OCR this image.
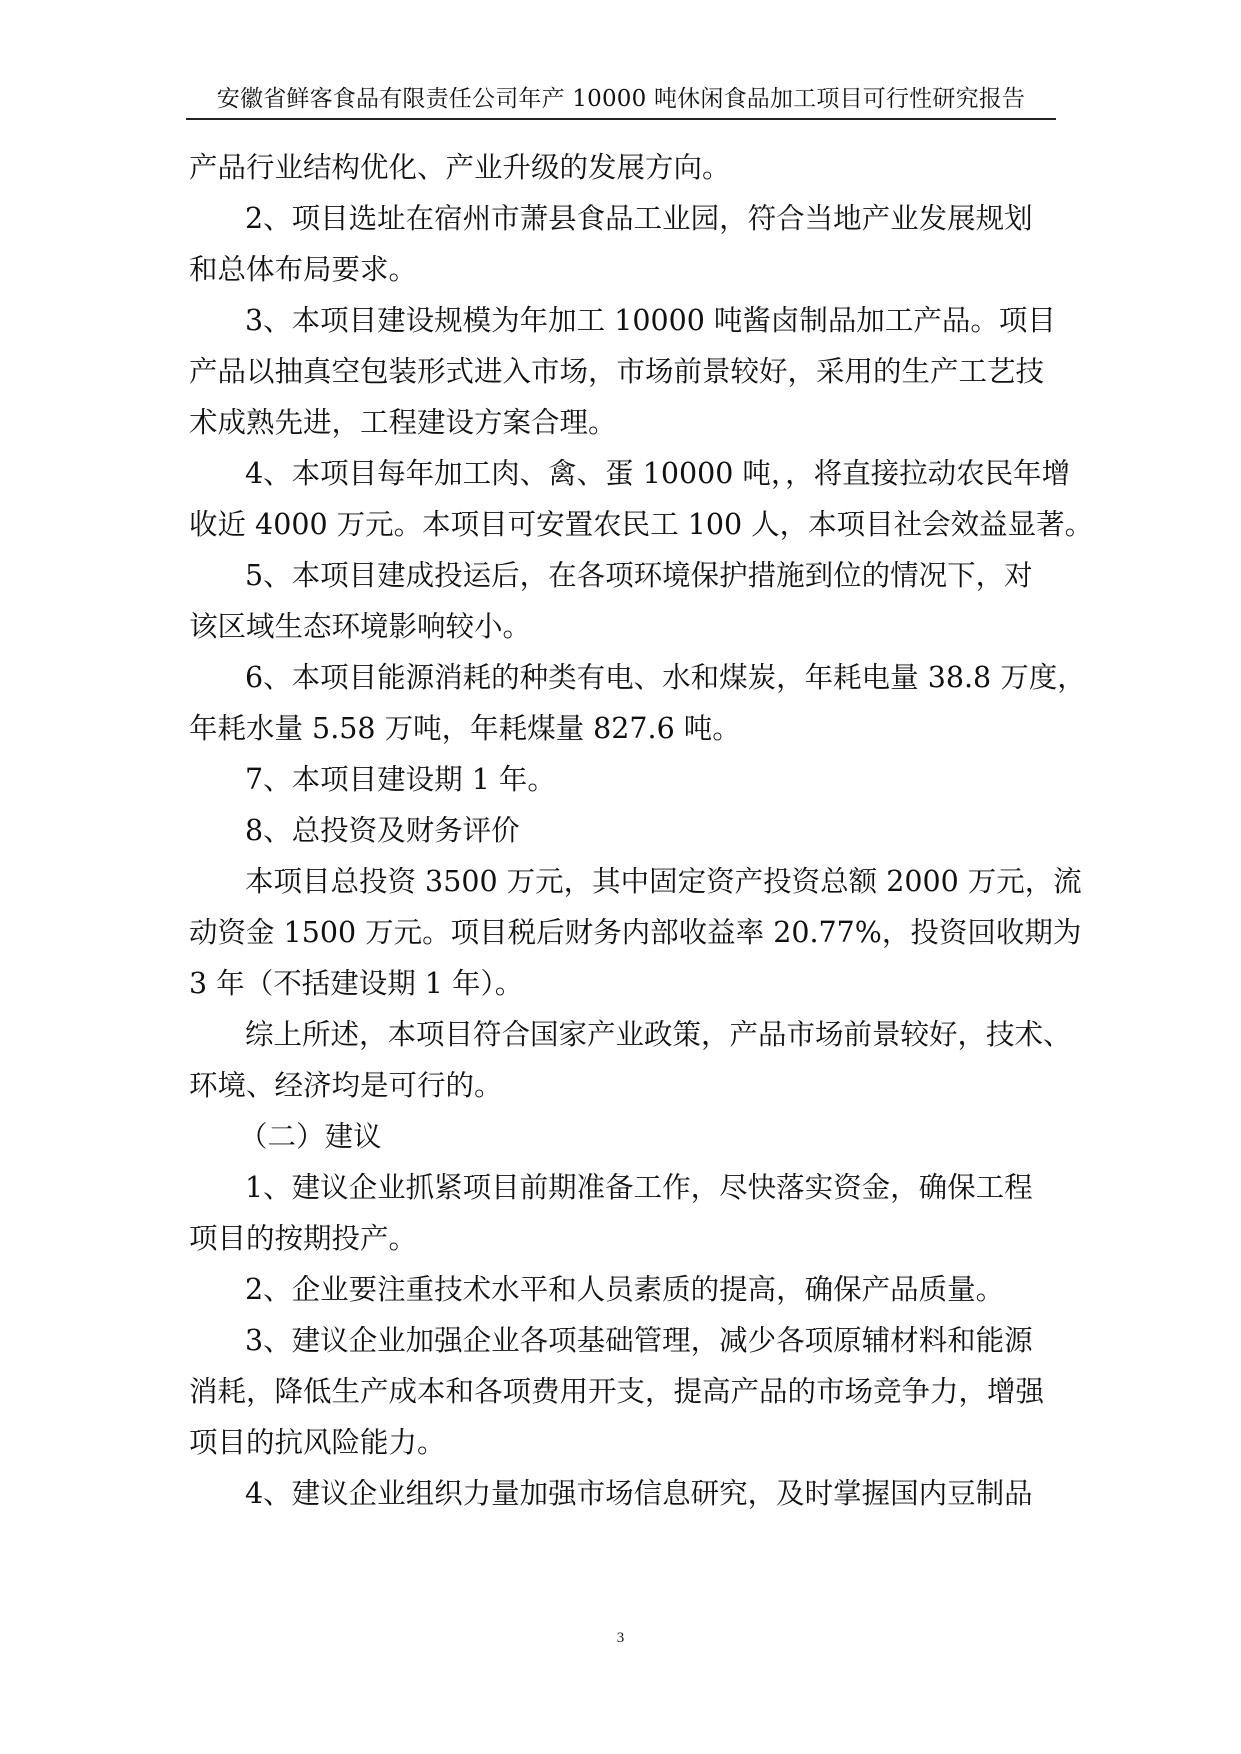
安徽省鲜客食品有限责任公司年产 10000 吨休闲食品加工项目可行性研究报告
产品行业结构优化、产业升级的发展方向。
2、项目选址在宿州市萧县食品工业园，符合当地产业发展规划
和总体布局要求。
3、本项目建设规模为年加工 10000 吨酱卤制品加工产品。项目
产品以抽真空包装形式进入市场，市场前景较好，采用的生产工艺技
术成熟先进，工程建设方案合理。
4、本项目每年加工肉、禽、蛋 10000 吨，，将直接拉动农民年增
收近 4000 万元。本项目可安置农民工 100 人，本项目社会效益显著。
5、本项目建成投运后，在各项环境保护措施到位的情况下，对
该区域生态环境影响较小。
6、本项目能源消耗的种类有电、水和煤炭，年耗电量 38.8 万度，
年耗水量 5.58 万吨，年耗煤量 827.6 吨。
7、本项目建设期 1 年。
8、总投资及财务评价
本项目总投资 3500 万元，其中固定资产投资总额 2000 万元，流
动资金 1500 万元。项目税后财务内部收益率 20.77%，投资回收期为
3 年（不括建设期 1 年）。
综上所述，本项目符合国家产业政策，产品市场前景较好，技术、
环境、经济均是可行的。
（二）建议
1、建议企业抓紧项目前期准备工作，尽快落实资金，确保工程
项目的按期投产。
2、企业要注重技术水平和人员素质的提高，确保产品质量。
3、建议企业加强企业各项基础管理，减少各项原辅材料和能源
消耗，降低生产成本和各项费用开支，提高产品的市场竞争力，增强
项目的抗风险能力。
4、建议企业组织力量加强市场信息研究，及时掌握国内豆制品
3
